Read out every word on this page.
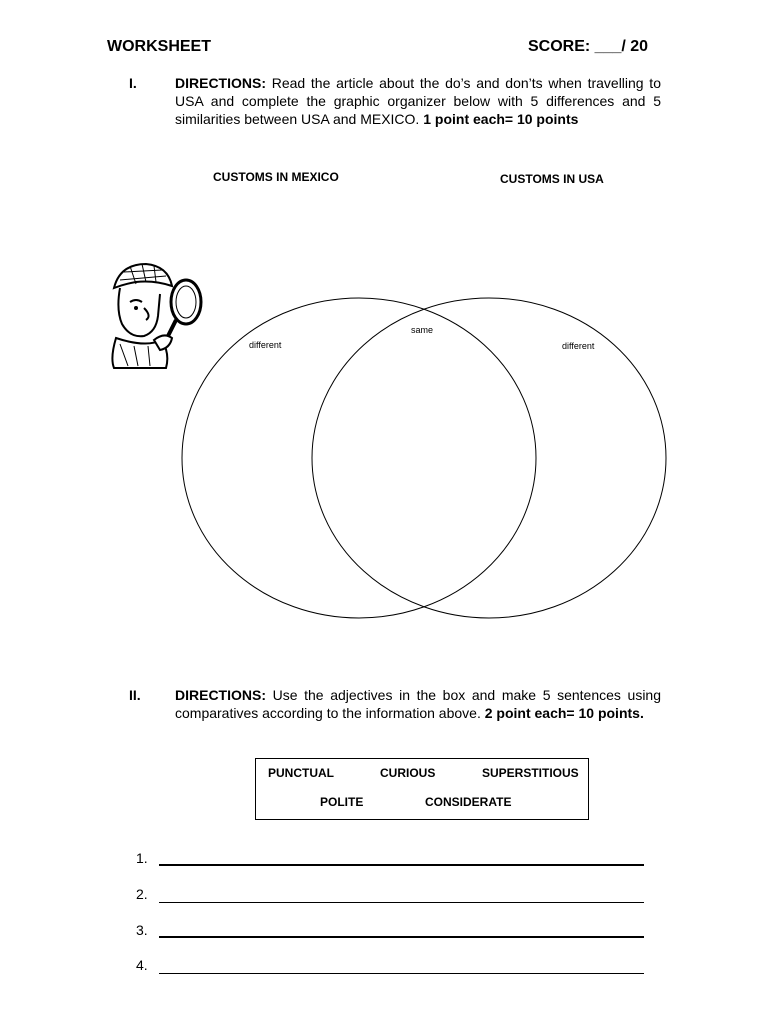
WORKSHEET	SCORE: ___/ 20
I.	DIRECTIONS: Read the article about the do’s and don’ts when travelling to USA and complete the graphic organizer below with 5 differences and 5 similarities between USA and MEXICO. 1 point each= 10 points
CUSTOMS IN MEXICO	CUSTOMS IN USA
different
same
different
II. DIRECTIONS: Use the adjectives in the box and make 5 sentences using comparatives according to the information above. 2 point each= 10 points.
PUNCTUAL	CURIOUS	SUPERSTITIOUS
POLITE	CONSIDERATE
1.
2.
3.
4.
